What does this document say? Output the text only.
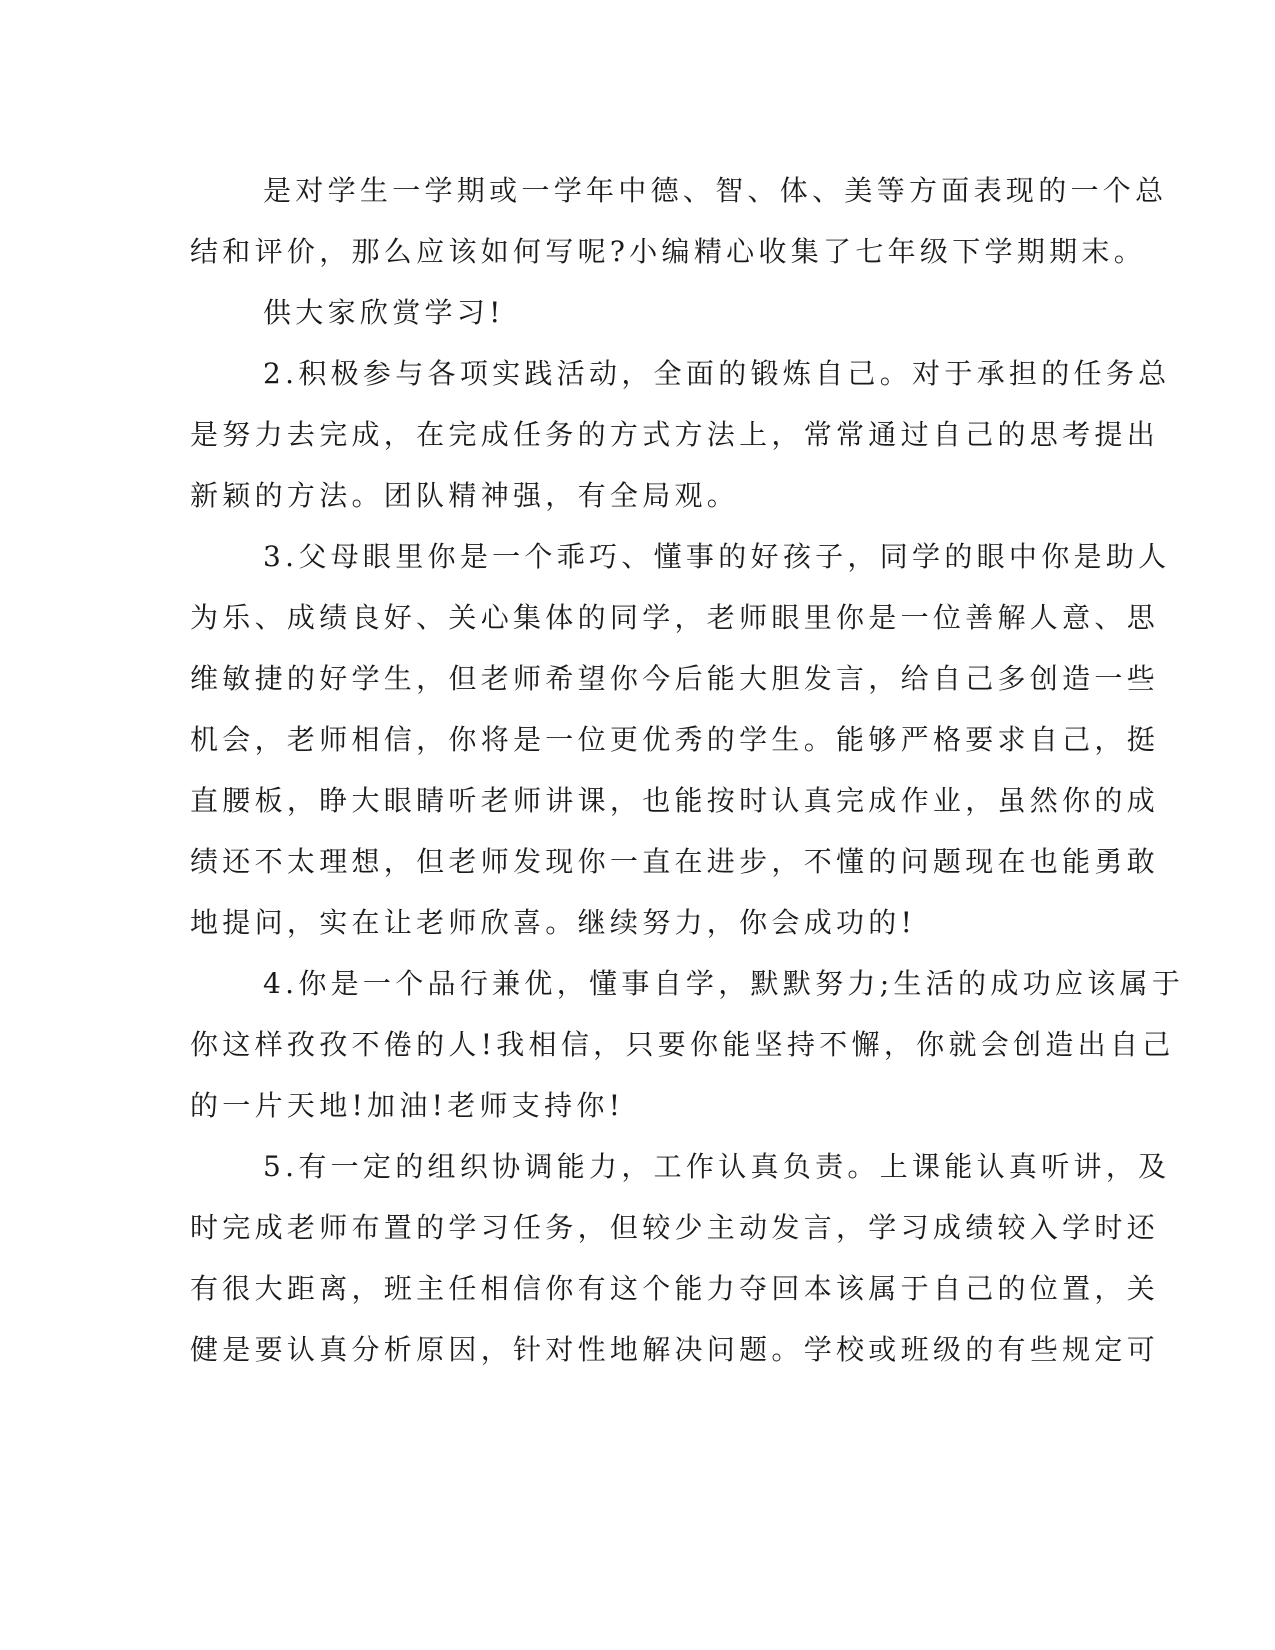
是对学生一学期或一学年中德、智、体、美等方面表现的一个总
结和评价，那么应该如何写呢?小编精心收集了七年级下学期期末。

供大家欣赏学习!

2.积极参与各项实践活动，全面的锻炼自己。对于承担的任务总
是努力去完成，在完成任务的方式方法上，常常通过自己的思考提出
新颖的方法。团队精神强，有全局观。

3.父母眼里你是一个乖巧、懂事的好孩子，同学的眼中你是助人
为乐、成绩良好、关心集体的同学，老师眼里你是一位善解人意、思
维敏捷的好学生，但老师希望你今后能大胆发言，给自己多创造一些
机会，老师相信，你将是一位更优秀的学生。能够严格要求自己，挺
直腰板，睁大眼睛听老师讲课，也能按时认真完成作业，虽然你的成
绩还不太理想，但老师发现你一直在进步，不懂的问题现在也能勇敢
地提问，实在让老师欣喜。继续努力，你会成功的!

4.你是一个品行兼优，懂事自学，默默努力;生活的成功应该属于
你这样孜孜不倦的人!我相信，只要你能坚持不懈，你就会创造出自己
的一片天地!加油!老师支持你!

5.有一定的组织协调能力，工作认真负责。上课能认真听讲，及
时完成老师布置的学习任务，但较少主动发言，学习成绩较入学时还
有很大距离，班主任相信你有这个能力夺回本该属于自己的位置，关
健是要认真分析原因，针对性地解决问题。学校或班级的有些规定可
